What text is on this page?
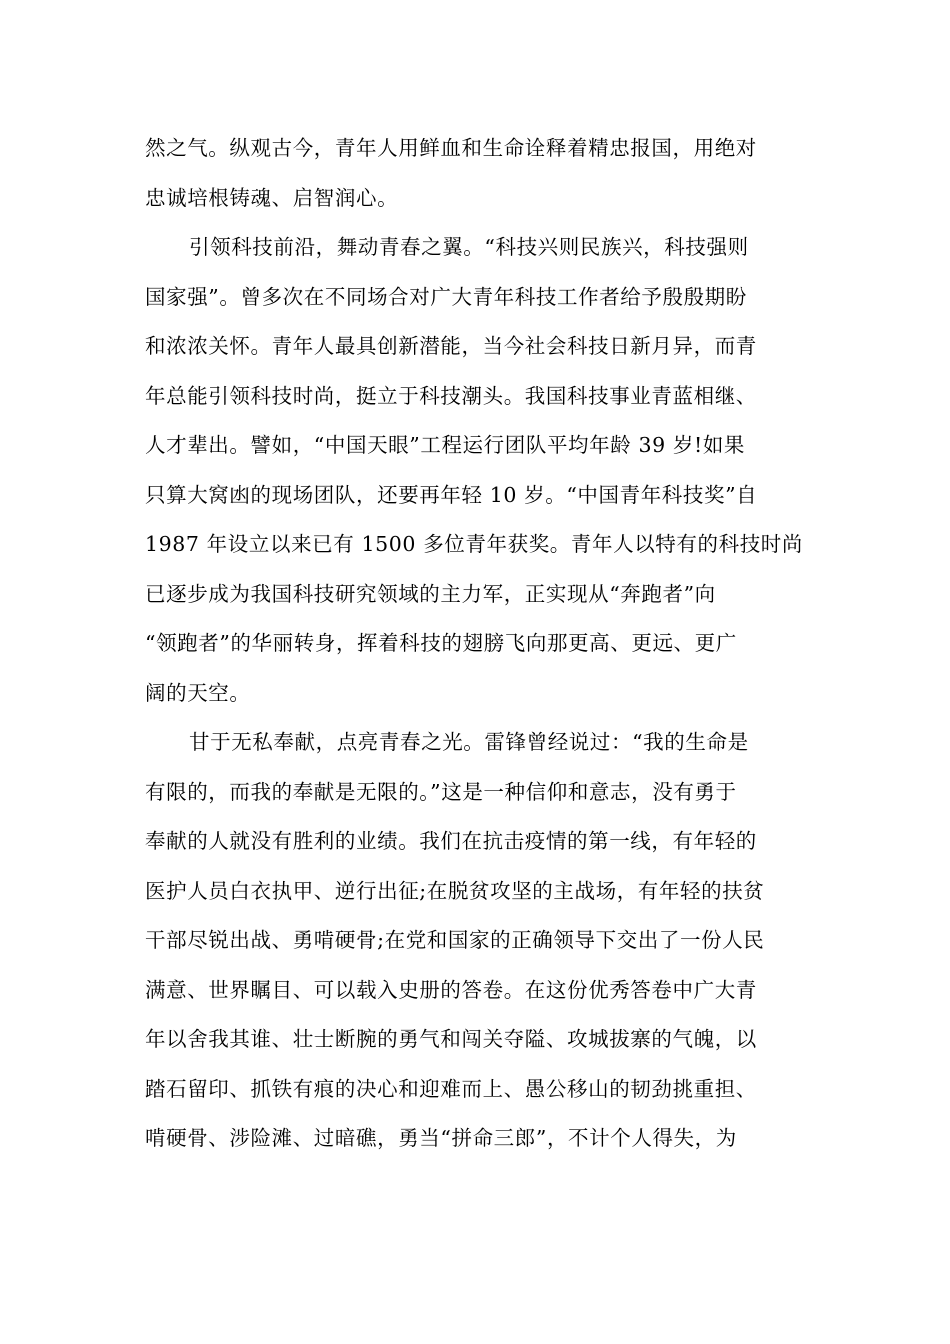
然之气。纵观古今，青年人用鲜血和生命诠释着精忠报国，用绝对
忠诚培根铸魂、启智润心。
引领科技前沿，舞动青春之翼。“科技兴则民族兴，科技强则
国家强”。曾多次在不同场合对广大青年科技工作者给予殷殷期盼
和浓浓关怀。青年人最具创新潜能，当今社会科技日新月异，而青
年总能引领科技时尚，挺立于科技潮头。我国科技事业青蓝相继、
人才辈出。譬如，“中国天眼”工程运行团队平均年龄 39 岁!如果
只算大窝凼的现场团队，还要再年轻 10 岁。“中国青年科技奖”自
1987 年设立以来已有 1500 多位青年获奖。青年人以特有的科技时尚
已逐步成为我国科技研究领域的主力军，正实现从“奔跑者”向
“领跑者”的华丽转身，挥着科技的翅膀飞向那更高、更远、更广
阔的天空。
甘于无私奉献，点亮青春之光。雷锋曾经说过：“我的生命是
有限的，而我的奉献是无限的。”这是一种信仰和意志，没有勇于
奉献的人就没有胜利的业绩。我们在抗击疫情的第一线，有年轻的
医护人员白衣执甲、逆行出征;在脱贫攻坚的主战场，有年轻的扶贫
干部尽锐出战、勇啃硬骨;在党和国家的正确领导下交出了一份人民
满意、世界瞩目、可以载入史册的答卷。在这份优秀答卷中广大青
年以舍我其谁、壮士断腕的勇气和闯关夺隘、攻城拔寨的气魄，以
踏石留印、抓铁有痕的决心和迎难而上、愚公移山的韧劲挑重担、
啃硬骨、涉险滩、过暗礁，勇当“拼命三郎”，不计个人得失，为
